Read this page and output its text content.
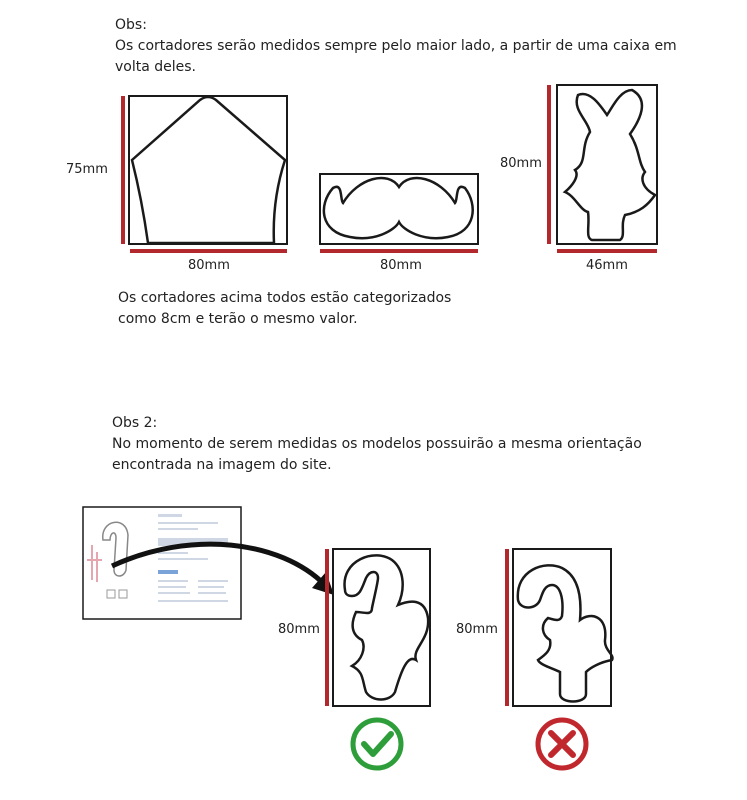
Obs:
Os cortadores serão medidos sempre pelo maior lado, a partir de uma caixa em
volta deles.
Os cortadores acima todos estão categorizados
como 8cm e terão o mesmo valor.
Obs 2:
No momento de serem medidas os modelos possuirão a mesma orientação
encontrada na imagem do site.
75mm
80mm	80mm
80mm
46mm
80mm	80mm
